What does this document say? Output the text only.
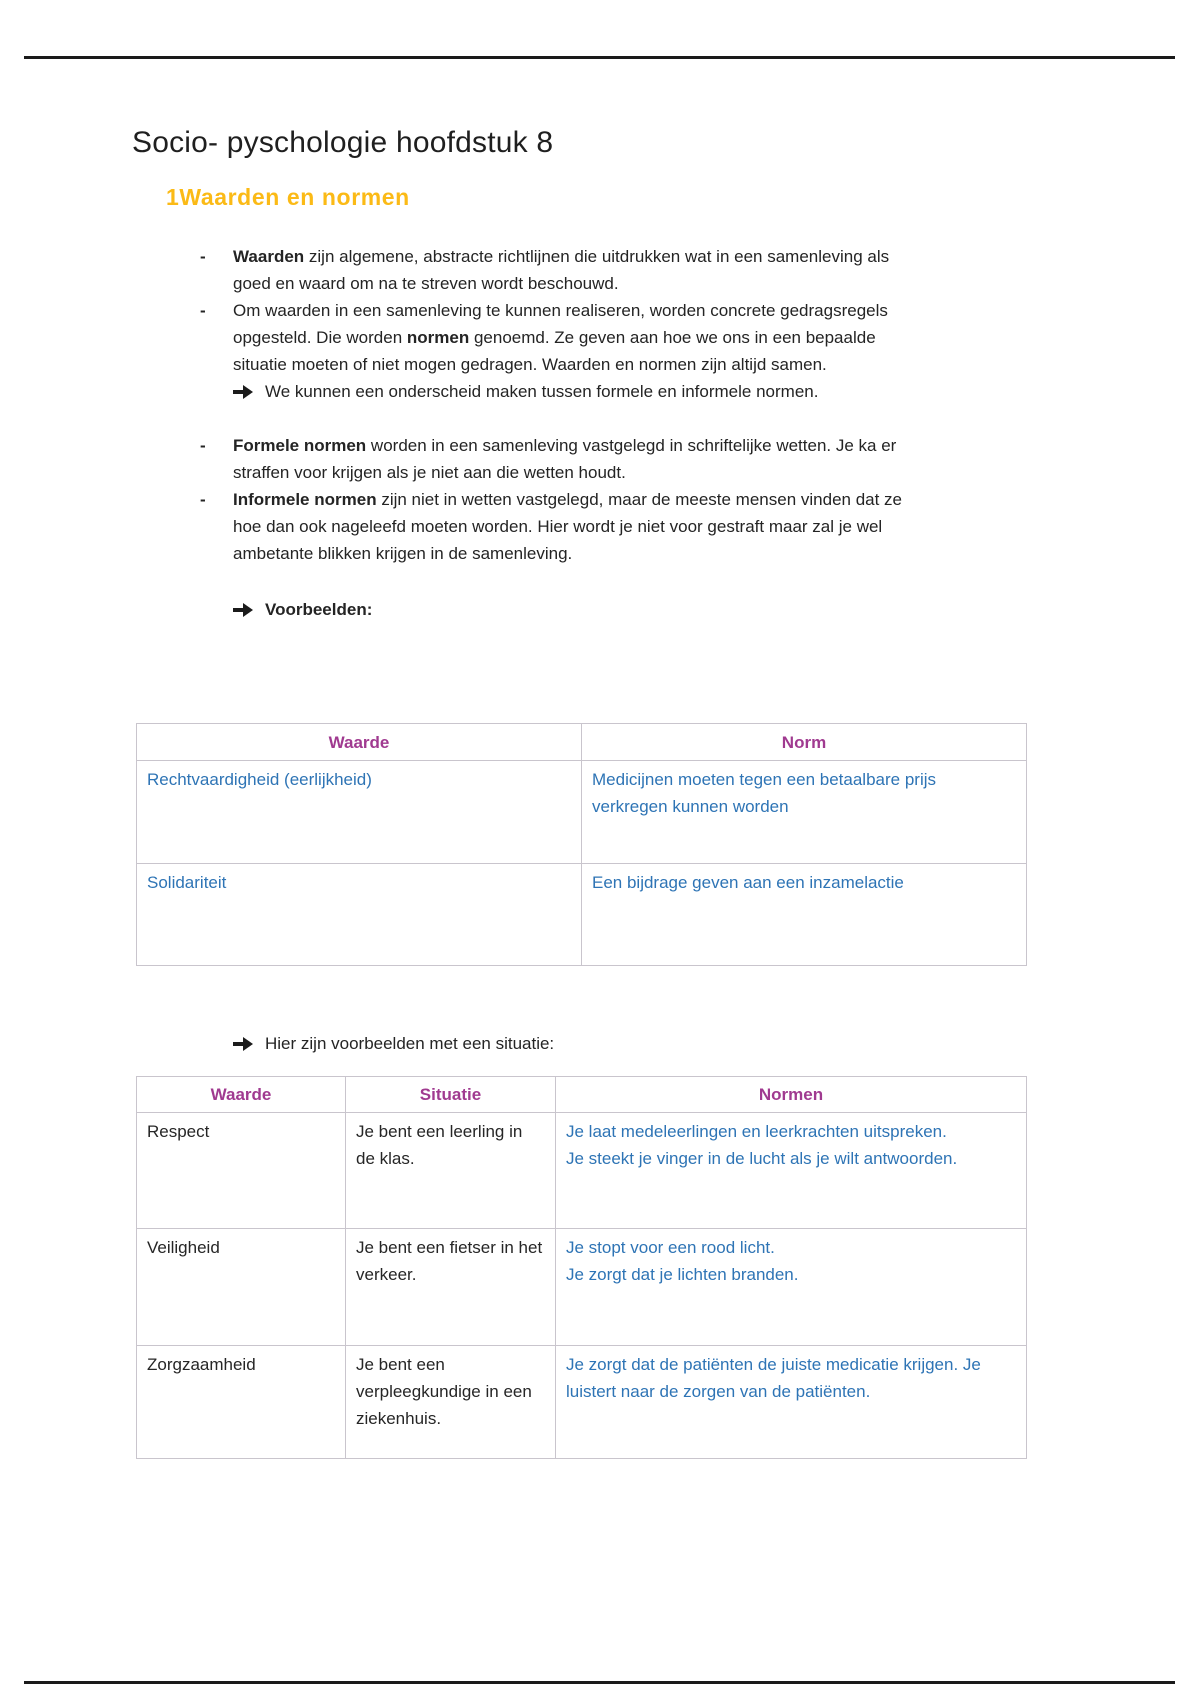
Socio- pyschologie hoofdstuk 8
1Waarden en normen
-	Waarden zijn algemene, abstracte richtlijnen die uitdrukken wat in een samenleving als goed en waard om na te streven wordt beschouwd.
-	Om waarden in een samenleving te kunnen realiseren, worden concrete gedragsregels opgesteld. Die worden normen genoemd. Ze geven aan hoe we ons in een bepaalde situatie moeten of niet mogen gedragen. Waarden en normen zijn altijd samen.
We kunnen een onderscheid maken tussen formele en informele normen.
-	Formele normen worden in een samenleving vastgelegd in schriftelijke wetten. Je ka er straffen voor krijgen als je niet aan die wetten houdt.
-	Informele normen zijn niet in wetten vastgelegd, maar de meeste mensen vinden dat ze hoe dan ook nageleefd moeten worden. Hier wordt je niet voor gestraft maar zal je wel ambetante blikken krijgen in de samenleving.
Voorbeelden:
Waarde	Norm
Rechtvaardigheid (eerlijkheid)	Medicijnen moeten tegen een betaalbare prijs verkregen kunnen worden
Solidariteit	Een bijdrage geven aan een inzamelactie
Hier zijn voorbeelden met een situatie:
Waarde	Situatie	Normen
Respect	Je bent een leerling in de klas.	Je laat medeleerlingen en leerkrachten uitspreken.
Je steekt je vinger in de lucht als je wilt antwoorden.

Veiligheid	Je bent een fietser in het verkeer.	Je stopt voor een rood licht.
Je zorgt dat je lichten branden.

Zorgzaamheid	Je bent een verpleegkundige in een ziekenhuis.	Je zorgt dat de patiënten de juiste medicatie krijgen. Je luistert naar de zorgen van de patiënten.
